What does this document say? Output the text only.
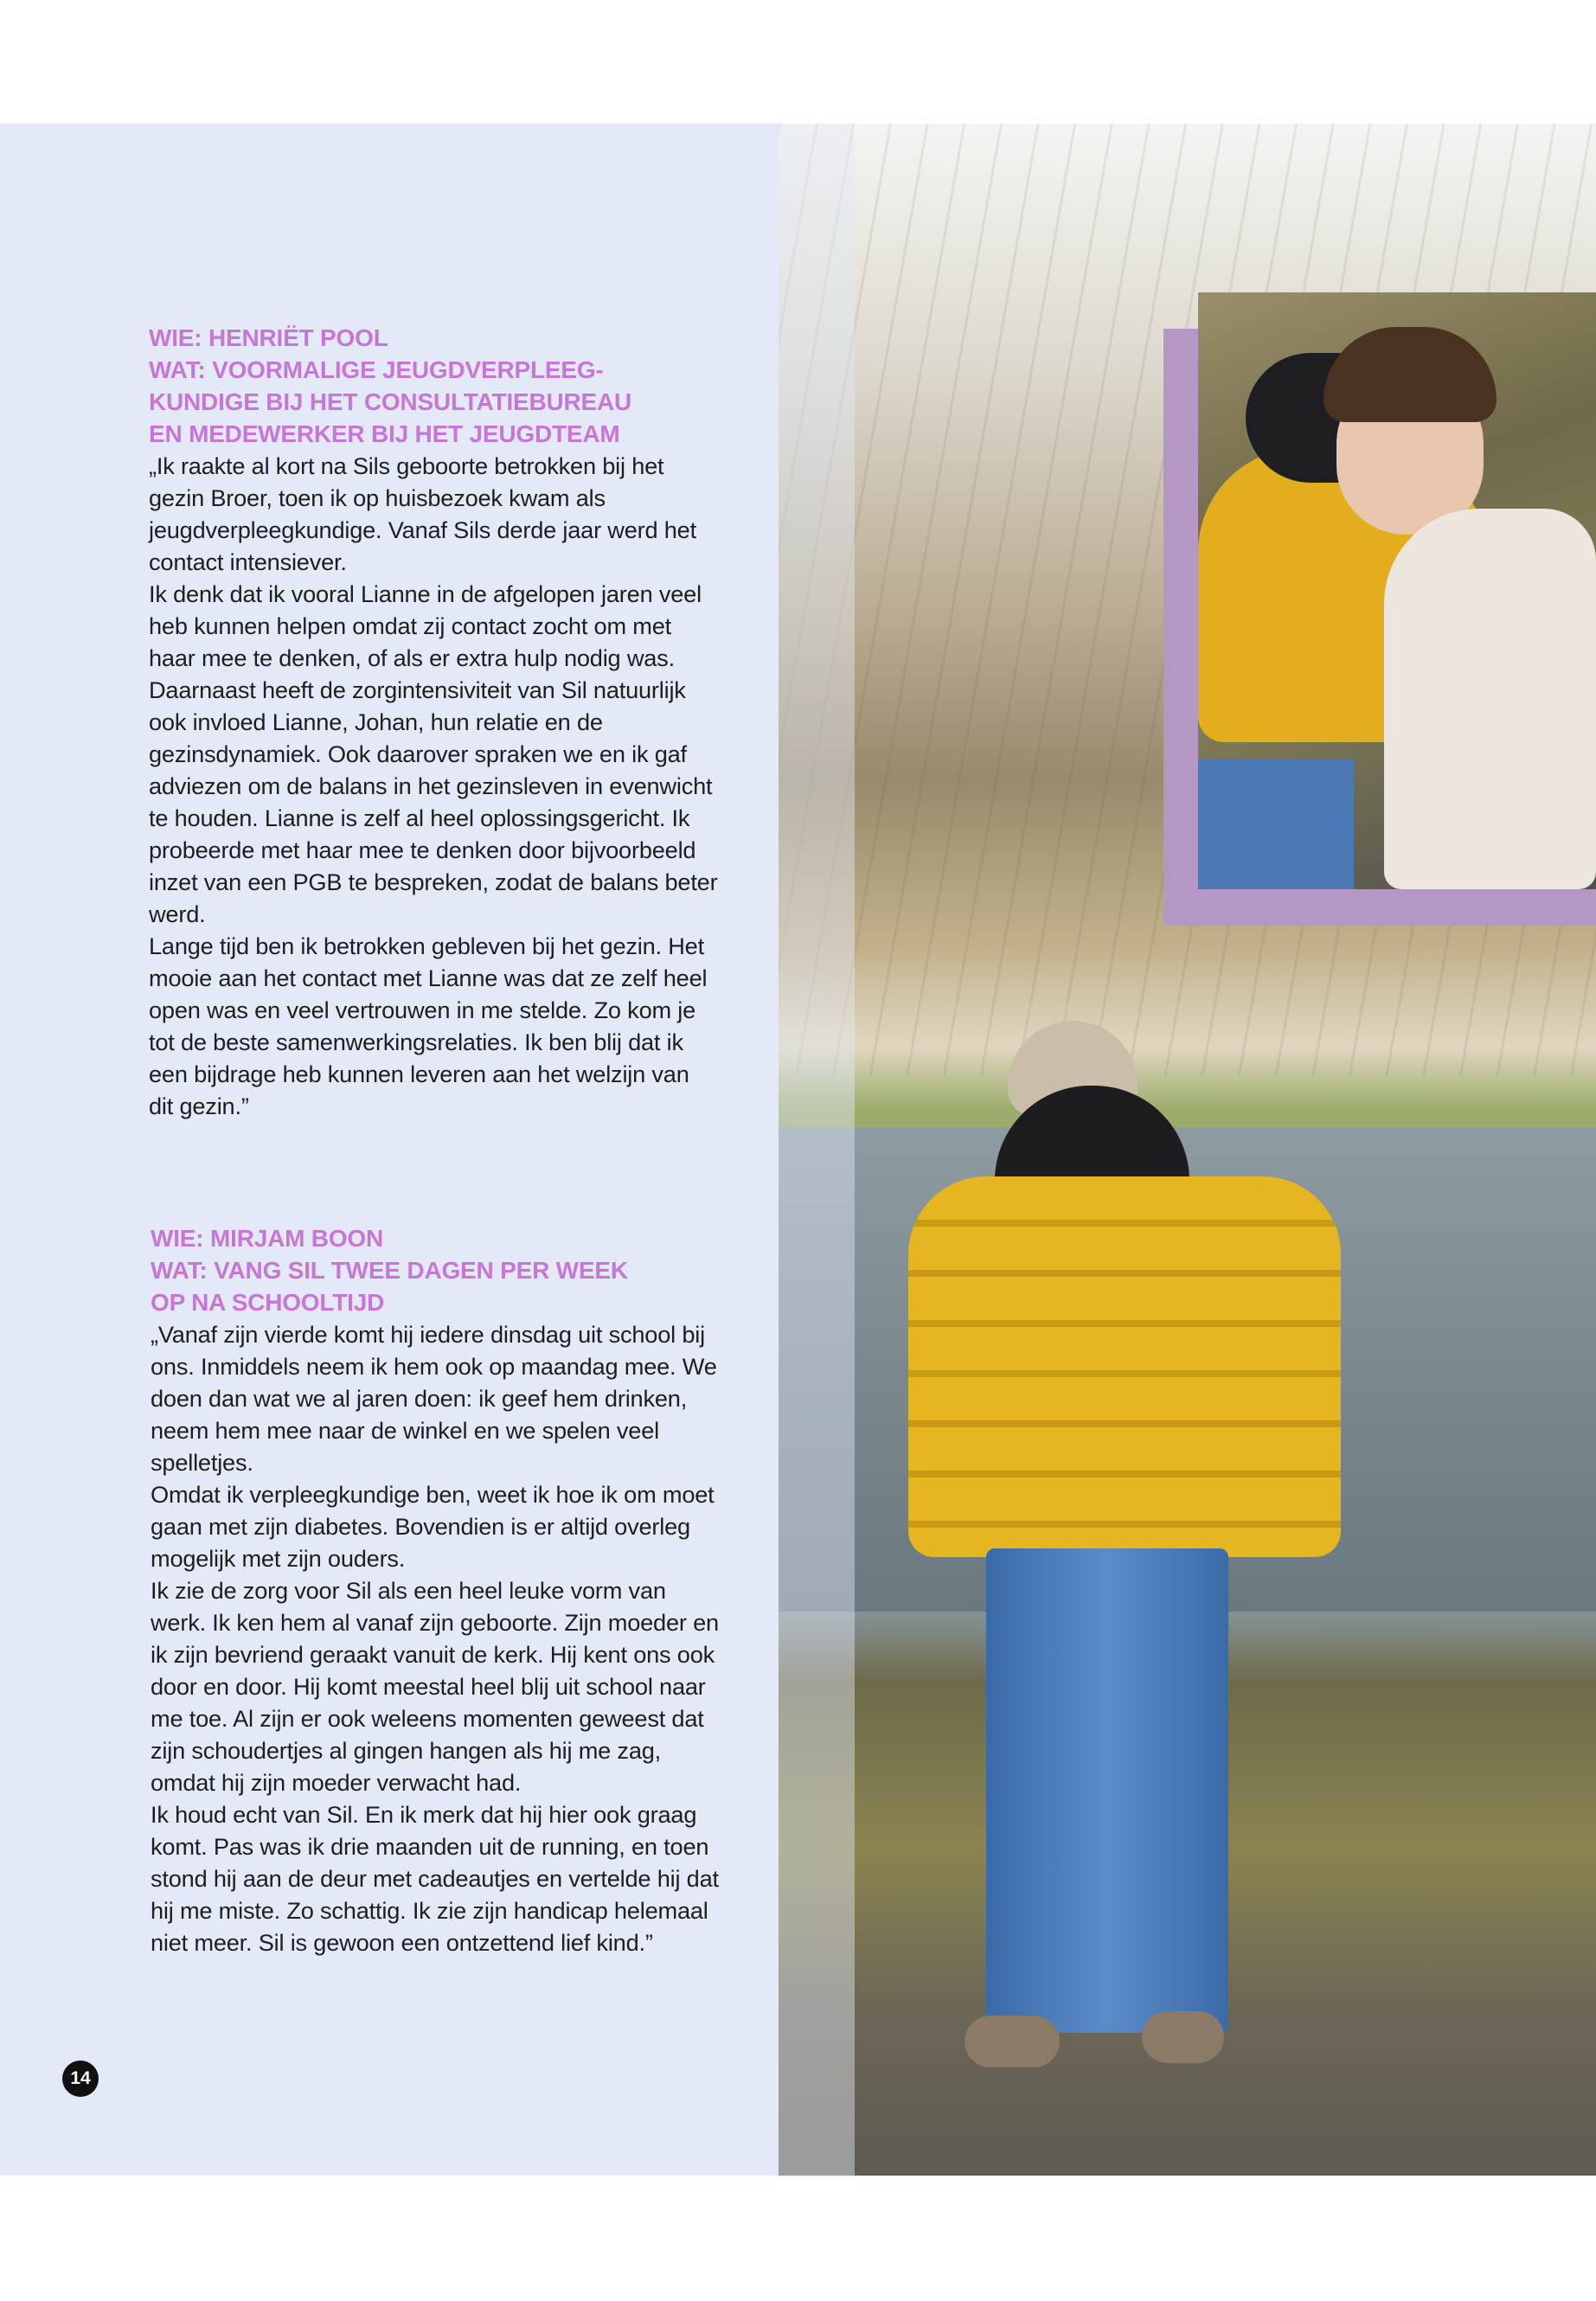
WIE: HENRIËT POOL

WAT: VOORMALIGE JEUGDVERPLEEG-

KUNDIGE BIJ HET CONSULTATIEBUREAU

EN MEDEWERKER BIJ HET JEUGDTEAM

„Ik raakte al kort na Sils geboorte betrokken bij het gezin Broer, toen ik op huisbezoek kwam als jeugdverpleegkundige. Vanaf Sils derde jaar werd het contact intensiever.

Ik denk dat ik vooral Lianne in de afgelopen jaren veel heb kunnen helpen omdat zij contact zocht om met haar mee te denken, of als er extra hulp nodig was. Daarnaast heeft de zorgintensiviteit van Sil natuurlijk ook invloed Lianne, Johan, hun relatie en de gezinsdynamiek. Ook daarover spraken we en ik gaf adviezen om de balans in het gezinsleven in evenwicht te houden. Lianne is zelf al heel oplossingsgericht. Ik probeerde met haar mee te denken door bijvoorbeeld inzet van een PGB te bespreken, zodat de balans beter werd.

Lange tijd ben ik betrokken gebleven bij het gezin. Het mooie aan het contact met Lianne was dat ze zelf heel open was en veel vertrouwen in me stelde. Zo kom je tot de beste samenwerkingsrelaties. Ik ben blij dat ik een bijdrage heb kunnen leveren aan het welzijn van dit gezin.”

WIE: MIRJAM BOON

WAT: VANG SIL TWEE DAGEN PER WEEK

OP NA SCHOOLTIJD

„Vanaf zijn vierde komt hij iedere dinsdag uit school bij ons. Inmiddels neem ik hem ook op maandag mee. We doen dan wat we al jaren doen: ik geef hem drinken, neem hem mee naar de winkel en we spelen veel spelletjes.

Omdat ik verpleegkundige ben, weet ik hoe ik om moet gaan met zijn diabetes. Bovendien is er altijd overleg mogelijk met zijn ouders.

Ik zie de zorg voor Sil als een heel leuke vorm van werk. Ik ken hem al vanaf zijn geboorte. Zijn moeder en ik zijn bevriend geraakt vanuit de kerk. Hij kent ons ook door en door. Hij komt meestal heel blij uit school naar me toe. Al zijn er ook weleens momenten geweest dat zijn schoudertjes al gingen hangen als hij me zag, omdat hij zijn moeder verwacht had.

Ik houd echt van Sil. En ik merk dat hij hier ook graag komt. Pas was ik drie maanden uit de running, en toen stond hij aan de deur met cadeautjes en vertelde hij dat hij me miste. Zo schattig. Ik zie zijn handicap helemaal niet meer. Sil is gewoon een ontzettend lief kind.”

14
